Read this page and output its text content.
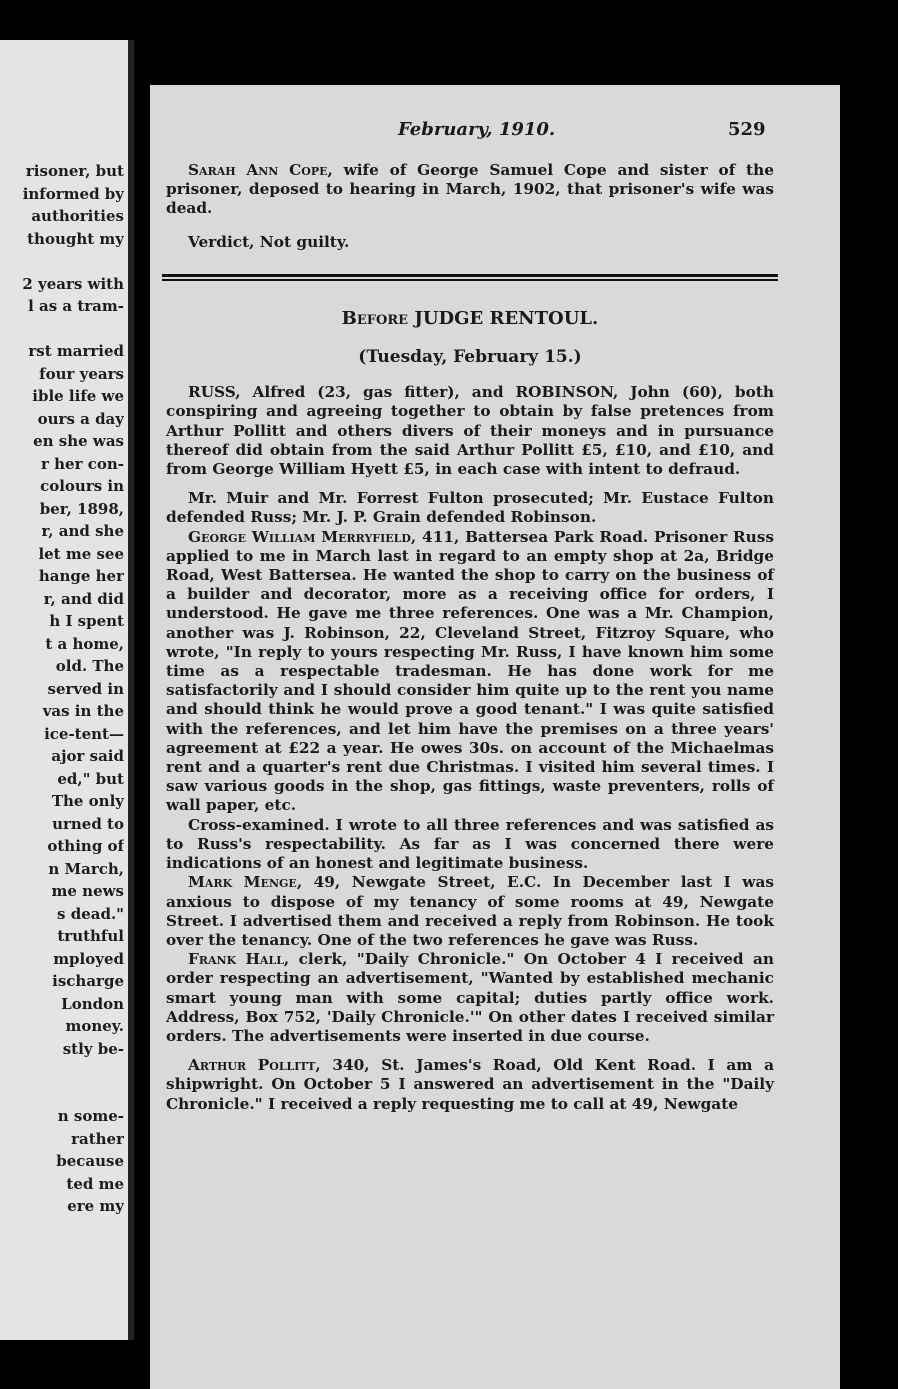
risoner, but
informed by
authorities
thought my
2 years with
l as a tram-
rst married
four years
ible life we
ours a day
en she was
r her con-
colours in
ber, 1898,
r, and she
let me see
hange her
r, and did
h I spent
t a home,
old. The
served in
vas in the
ice-tent—
ajor said
ed," but
The only
urned to
othing of
n March,
me news
s dead."
truthful
mployed
ischarge
London
money.
stly be-
n some-
rather
because
ted me
ere my
February, 1910.	529

Sarah Ann Cope, wife of George Samuel Cope and sister of the prisoner, deposed to hearing in March, 1902, that prisoner's wife was dead.

Verdict, Not guilty.

Before JUDGE RENTOUL.

(Tuesday, February 15.)

RUSS, Alfred (23, gas fitter), and ROBINSON, John (60), both conspiring and agreeing together to obtain by false pretences from Arthur Pollitt and others divers of their moneys and in pursuance thereof did obtain from the said Arthur Pollitt £5, £10, and £10, and from George William Hyett £5, in each case with intent to defraud.

Mr. Muir and Mr. Forrest Fulton prosecuted; Mr. Eustace Fulton defended Russ; Mr. J. P. Grain defended Robinson.

George William Merryfield, 411, Battersea Park Road. Prisoner Russ applied to me in March last in regard to an empty shop at 2a, Bridge Road, West Battersea. He wanted the shop to carry on the business of a builder and decorator, more as a receiving office for orders, I understood. He gave me three references. One was a Mr. Champion, another was J. Robinson, 22, Cleveland Street, Fitzroy Square, who wrote, "In reply to yours respecting Mr. Russ, I have known him some time as a respectable tradesman. He has done work for me satisfactorily and I should consider him quite up to the rent you name and should think he would prove a good tenant." I was quite satisfied with the references, and let him have the premises on a three years' agreement at £22 a year. He owes 30s. on account of the Michaelmas rent and a quarter's rent due Christmas. I visited him several times. I saw various goods in the shop, gas fittings, waste preventers, rolls of wall paper, etc.

Cross-examined. I wrote to all three references and was satisfied as to Russ's respectability. As far as I was concerned there were indications of an honest and legitimate business.

Mark Menge, 49, Newgate Street, E.C. In December last I was anxious to dispose of my tenancy of some rooms at 49, Newgate Street. I advertised them and received a reply from Robinson. He took over the tenancy. One of the two references he gave was Russ.

Frank Hall, clerk, "Daily Chronicle." On October 4 I received an order respecting an advertisement, "Wanted by established mechanic smart young man with some capital; duties partly office work. Address, Box 752, 'Daily Chronicle.'" On other dates I received similar orders. The advertisements were inserted in due course.

Arthur Pollitt, 340, St. James's Road, Old Kent Road. I am a shipwright. On October 5 I answered an advertisement in the "Daily Chronicle." I received a reply requesting me to call at 49, Newgate
